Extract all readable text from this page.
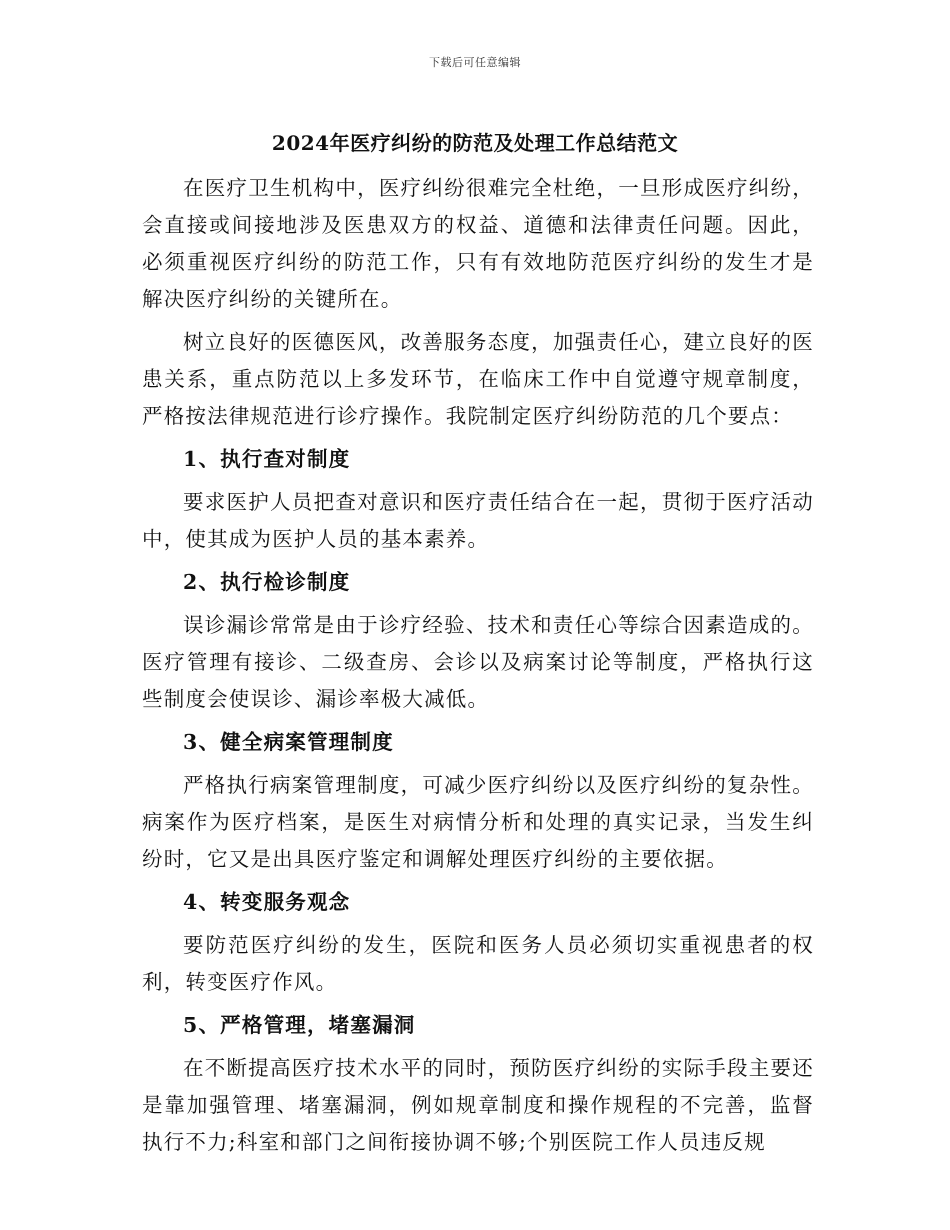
下载后可任意编辑
2024年医疗纠纷的防范及处理工作总结范文

在医疗卫生机构中，医疗纠纷很难完全杜绝，一旦形成医疗纠纷，会直接或间接地涉及医患双方的权益、道德和法律责任问题。因此，必须重视医疗纠纷的防范工作，只有有效地防范医疗纠纷的发生才是解决医疗纠纷的关键所在。

树立良好的医德医风，改善服务态度，加强责任心，建立良好的医患关系，重点防范以上多发环节，在临床工作中自觉遵守规章制度，严格按法律规范进行诊疗操作。我院制定医疗纠纷防范的几个要点：

1、执行查对制度

要求医护人员把查对意识和医疗责任结合在一起，贯彻于医疗活动中，使其成为医护人员的基本素养。

2、执行检诊制度

误诊漏诊常常是由于诊疗经验、技术和责任心等综合因素造成的。医疗管理有接诊、二级查房、会诊以及病案讨论等制度，严格执行这些制度会使误诊、漏诊率极大减低。

3、健全病案管理制度

严格执行病案管理制度，可减少医疗纠纷以及医疗纠纷的复杂性。病案作为医疗档案，是医生对病情分析和处理的真实记录，当发生纠纷时，它又是出具医疗鉴定和调解处理医疗纠纷的主要依据。

4、转变服务观念

要防范医疗纠纷的发生，医院和医务人员必须切实重视患者的权利，转变医疗作风。

5、严格管理，堵塞漏洞

在不断提高医疗技术水平的同时，预防医疗纠纷的实际手段主要还是靠加强管理、堵塞漏洞，例如规章制度和操作规程的不完善，监督执行不力;科室和部门之间衔接协调不够;个别医院工作人员违反规
